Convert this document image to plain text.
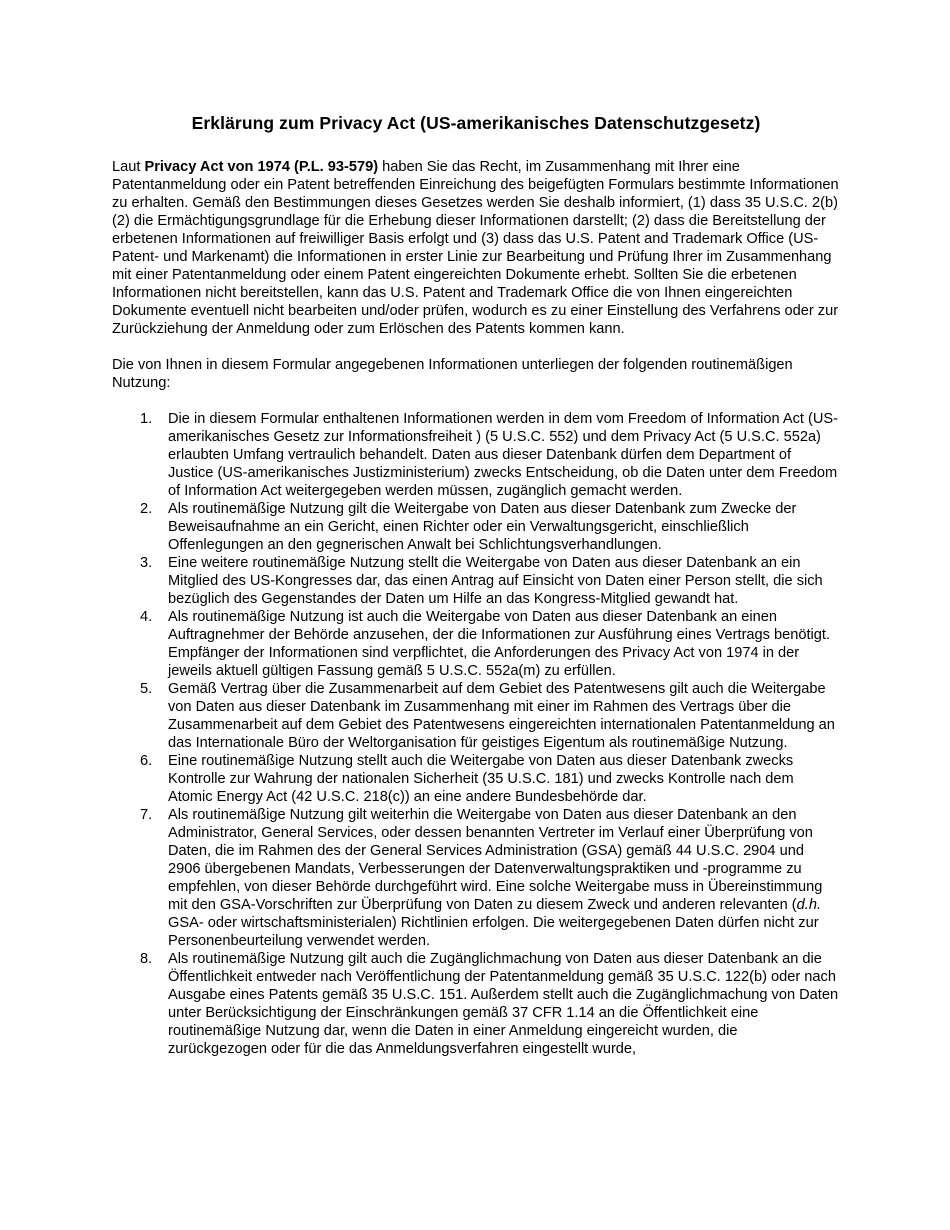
Erklärung zum Privacy Act (US-amerikanisches Datenschutzgesetz)

Laut Privacy Act von 1974 (P.L. 93-579) haben Sie das Recht, im Zusammenhang mit Ihrer eine Patentanmeldung oder ein Patent betreffenden Einreichung des beigefügten Formulars bestimmte Informationen zu erhalten. Gemäß den Bestimmungen dieses Gesetzes werden Sie deshalb informiert, (1) dass 35 U.S.C. 2(b)(2) die Ermächtigungsgrundlage für die Erhebung dieser Informationen darstellt; (2) dass die Bereitstellung der erbetenen Informationen auf freiwilliger Basis erfolgt und (3) dass das U.S. Patent and Trademark Office (US-Patent- und Markenamt) die Informationen in erster Linie zur Bearbeitung und Prüfung Ihrer im Zusammenhang mit einer Patentanmeldung oder einem Patent eingereichten Dokumente erhebt. Sollten Sie die erbetenen Informationen nicht bereitstellen, kann das U.S. Patent and Trademark Office die von Ihnen eingereichten Dokumente eventuell nicht bearbeiten und/oder prüfen, wodurch es zu einer Einstellung des Verfahrens oder zur Zurückziehung der Anmeldung oder zum Erlöschen des Patents kommen kann.

Die von Ihnen in diesem Formular angegebenen Informationen unterliegen der folgenden routinemäßigen Nutzung:

1. Die in diesem Formular enthaltenen Informationen werden in dem vom Freedom of Information Act (US-amerikanisches Gesetz zur Informationsfreiheit ) (5 U.S.C. 552) und dem Privacy Act (5 U.S.C. 552a) erlaubten Umfang vertraulich behandelt. Daten aus dieser Datenbank dürfen dem Department of Justice (US-amerikanisches Justizministerium) zwecks Entscheidung, ob die Daten unter dem Freedom of Information Act weitergegeben werden müssen, zugänglich gemacht werden.
2. Als routinemäßige Nutzung gilt die Weitergabe von Daten aus dieser Datenbank zum Zwecke der Beweisaufnahme an ein Gericht, einen Richter oder ein Verwaltungsgericht, einschließlich Offenlegungen an den gegnerischen Anwalt bei Schlichtungsverhandlungen.
3. Eine weitere routinemäßige Nutzung stellt die Weitergabe von Daten aus dieser Datenbank an ein Mitglied des US-Kongresses dar, das einen Antrag auf Einsicht von Daten einer Person stellt, die sich bezüglich des Gegenstandes der Daten um Hilfe an das Kongress-Mitglied gewandt hat.
4. Als routinemäßige Nutzung ist auch die Weitergabe von Daten aus dieser Datenbank an einen Auftragnehmer der Behörde anzusehen, der die Informationen zur Ausführung eines Vertrags benötigt. Empfänger der Informationen sind verpflichtet, die Anforderungen des Privacy Act von 1974 in der jeweils aktuell gültigen Fassung gemäß 5 U.S.C. 552a(m) zu erfüllen.
5. Gemäß Vertrag über die Zusammenarbeit auf dem Gebiet des Patentwesens gilt auch die Weitergabe von Daten aus dieser Datenbank im Zusammenhang mit einer im Rahmen des Vertrags über die Zusammenarbeit auf dem Gebiet des Patentwesens eingereichten internationalen Patentanmeldung an das Internationale Büro der Weltorganisation für geistiges Eigentum als routinemäßige Nutzung.
6. Eine routinemäßige Nutzung stellt auch die Weitergabe von Daten aus dieser Datenbank zwecks Kontrolle zur Wahrung der nationalen Sicherheit (35 U.S.C. 181) und zwecks Kontrolle nach dem Atomic Energy Act (42 U.S.C. 218(c)) an eine andere Bundesbehörde dar.
7. Als routinemäßige Nutzung gilt weiterhin die Weitergabe von Daten aus dieser Datenbank an den Administrator, General Services, oder dessen benannten Vertreter im Verlauf einer Überprüfung von Daten, die im Rahmen des der General Services Administration (GSA) gemäß 44 U.S.C. 2904 und 2906 übergebenen Mandats, Verbesserungen der Datenverwaltungspraktiken und -programme zu empfehlen, von dieser Behörde durchgeführt wird. Eine solche Weitergabe muss in Übereinstimmung mit den GSA-Vorschriften zur Überprüfung von Daten zu diesem Zweck und anderen relevanten (d.h. GSA- oder wirtschaftsministerialen) Richtlinien erfolgen. Die weitergegebenen Daten dürfen nicht zur Personenbeurteilung verwendet werden.
8. Als routinemäßige Nutzung gilt auch die Zugänglichmachung von Daten aus dieser Datenbank an die Öffentlichkeit entweder nach Veröffentlichung der Patentanmeldung gemäß 35 U.S.C. 122(b) oder nach Ausgabe eines Patents gemäß 35 U.S.C. 151. Außerdem stellt auch die Zugänglichmachung von Daten unter Berücksichtigung der Einschränkungen gemäß 37 CFR 1.14 an die Öffentlichkeit eine routinemäßige Nutzung dar, wenn die Daten in einer Anmeldung eingereicht wurden, die zurückgezogen oder für die das Anmeldungsverfahren eingestellt wurde,
